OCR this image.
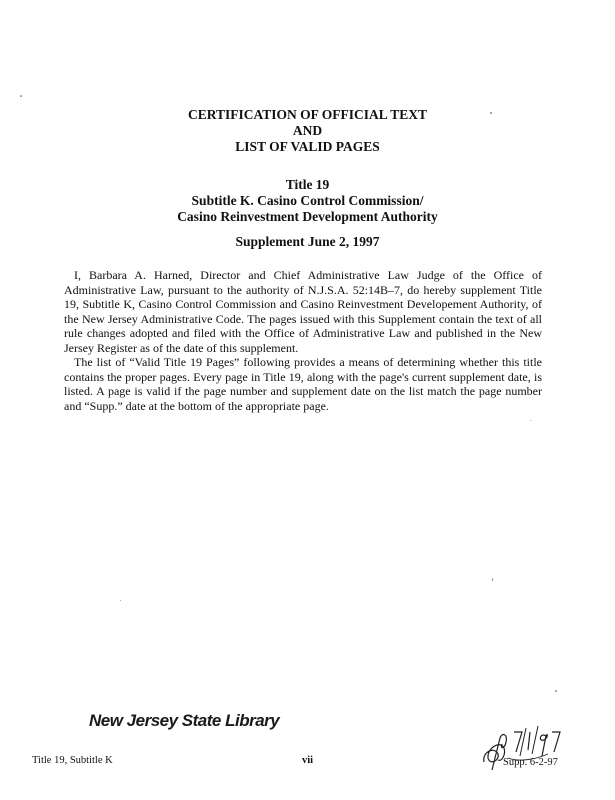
CERTIFICATION OF OFFICIAL TEXT
AND
LIST OF VALID PAGES
Title 19
Subtitle K. Casino Control Commission/
Casino Reinvestment Development Authority
Supplement June 2, 1997

I, Barbara A. Harned, Director and Chief Administrative Law Judge of the Office of Administrative Law, pursuant to the authority of N.J.S.A. 52:14B–7, do hereby supplement Title 19, Subtitle K, Casino Control Commission and Casino Reinvestment Developement Authority, of the New Jersey Administrative Code. The pages issued with this Supplement contain the text of all rule changes adopted and filed with the Office of Administrative Law and published in the New Jersey Register as of the date of this supplement.

The list of “Valid Title 19 Pages” following provides a means of determining whether this title contains the proper pages. Every page in Title 19, along with the page's current supplement date, is listed. A page is valid if the page number and supplement date on the list match the page number and “Supp.” date at the bottom of the appropriate page.

New Jersey State Library
Title 19, Subtitle K	vii	Supp. 6-2-97
